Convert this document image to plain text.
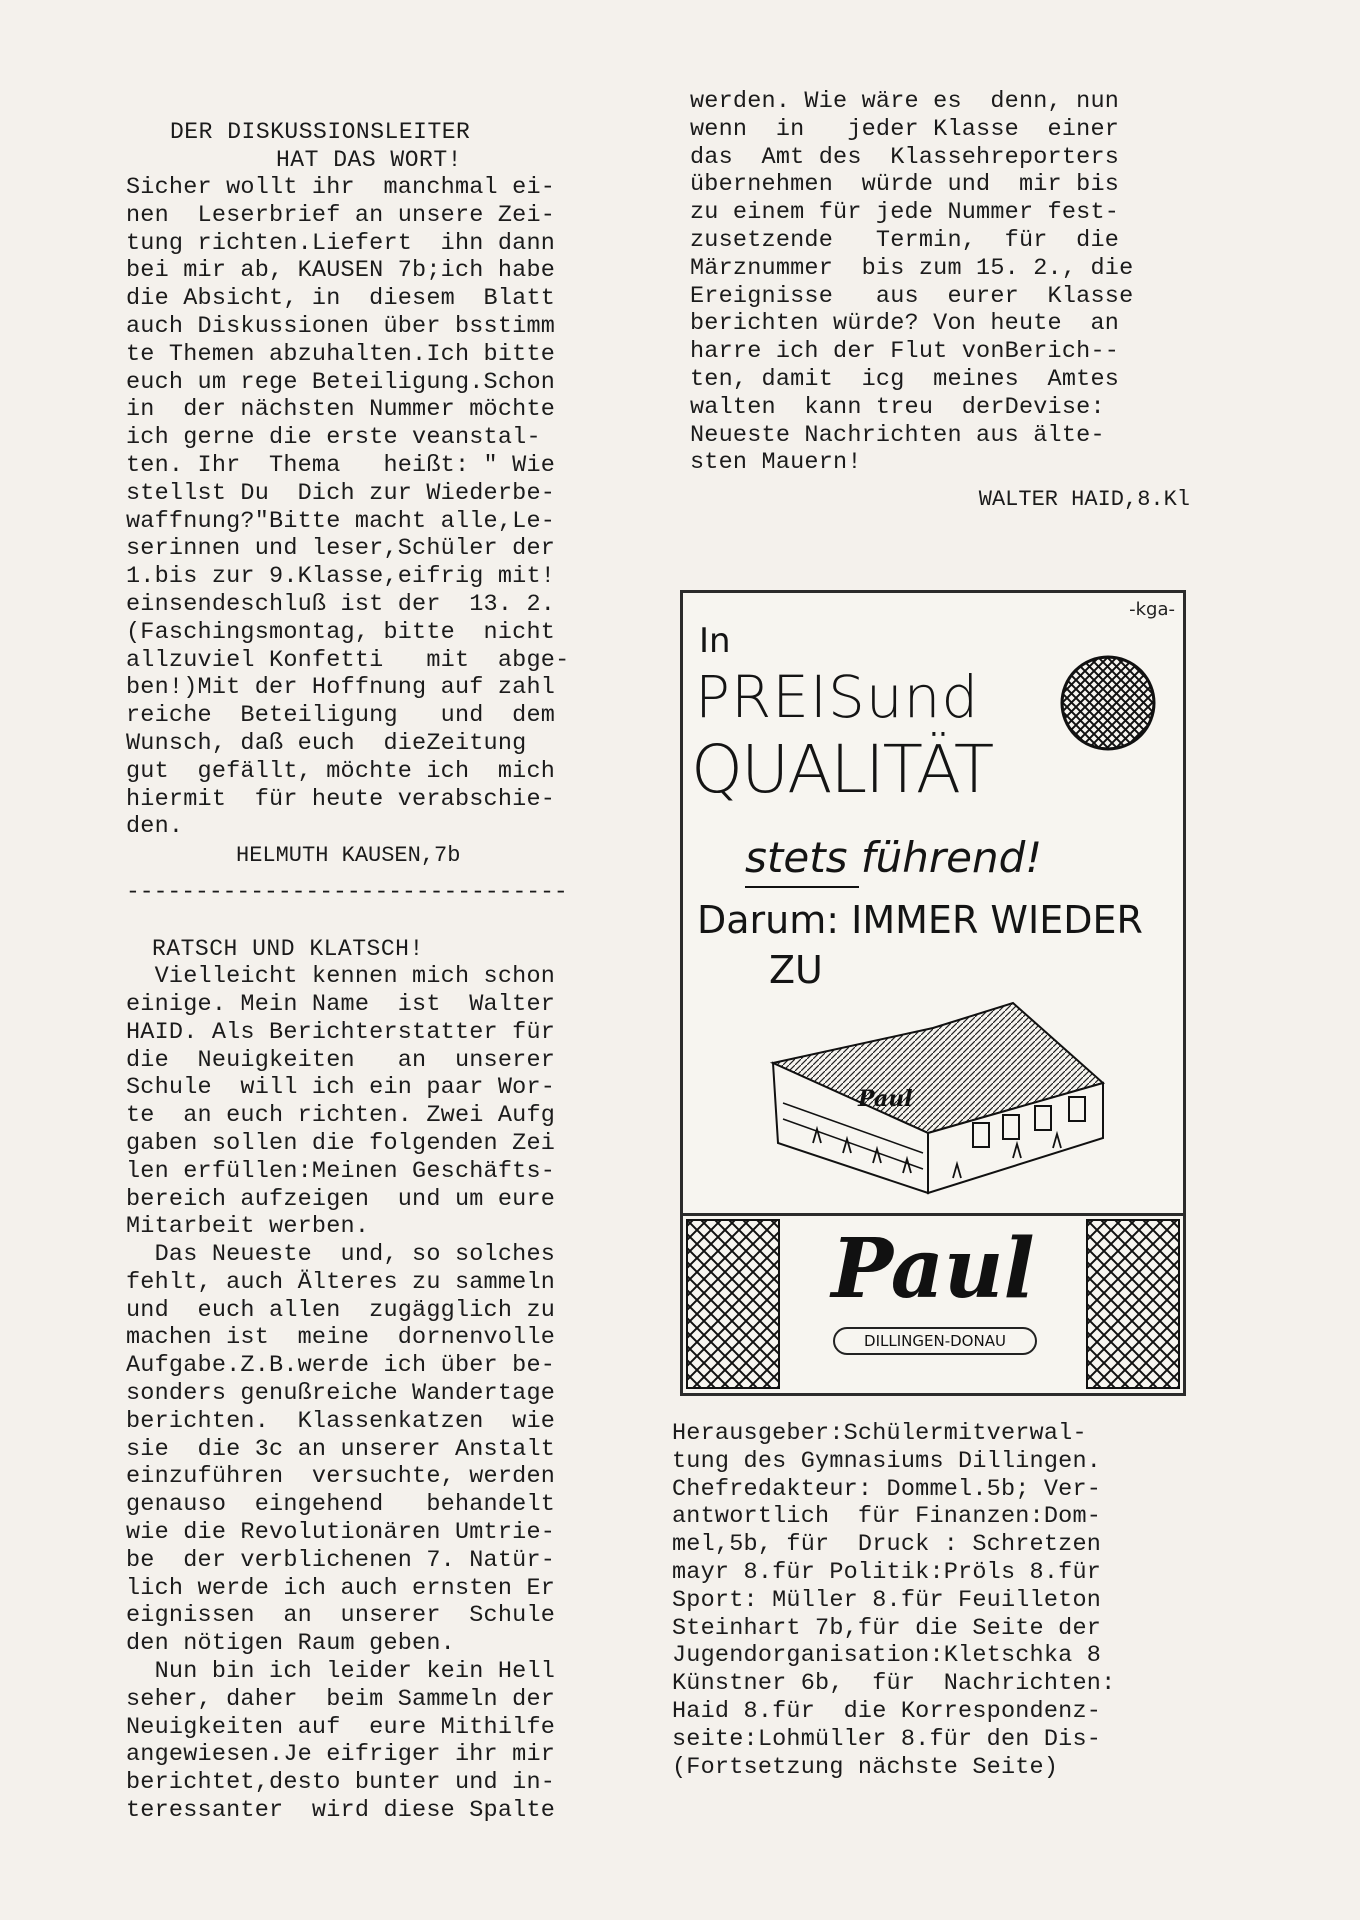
DER DISKUSSIONSLEITER

HAT DAS WORT!

Sicher wollt ihr  manchmal ei-

nen  Leserbrief an unsere Zei-

tung richten.Liefert  ihn dann

bei mir ab, KAUSEN 7b;ich habe

die Absicht, in  diesem  Blatt

auch Diskussionen über bsstimm

te Themen abzuhalten.Ich bitte

euch um rege Beteiligung.Schon

in  der nächsten Nummer möchte

ich gerne die erste veanstal-

ten. Ihr  Thema   heißt: " Wie

stellst Du  Dich zur Wiederbe-

waffnung?"Bitte macht alle,Le-

serinnen und leser,Schüler der

1.bis zur 9.Klasse,eifrig mit!

einsendeschluß ist der  13. 2.

(Faschingsmontag, bitte  nicht

allzuviel Konfetti   mit  abge-

ben!)Mit der Hoffnung auf zahl

reiche  Beteiligung   und  dem

Wunsch, daß euch  dieZeitung

gut  gefällt, möchte ich  mich

hiermit  für heute verabschie-

den.

HELMUTH KAUSEN,7b

--------------------------------

RATSCH UND KLATSCH!

Vielleicht kennen mich schon

einige. Mein Name  ist  Walter

HAID. Als Berichterstatter für

die  Neuigkeiten   an  unserer

Schule  will ich ein paar Wor-

te  an euch richten. Zwei Aufg

gaben sollen die folgenden Zei

len erfüllen:Meinen Geschäfts-

bereich aufzeigen  und um eure

Mitarbeit werben.

Das Neueste  und, so solches

fehlt, auch Älteres zu sammeln

und  euch allen  zugägglich zu

machen ist  meine  dornenvolle

Aufgabe.Z.B.werde ich über be-

sonders genußreiche Wandertage

berichten.  Klassenkatzen  wie

sie  die 3c an unserer Anstalt

einzuführen  versuchte, werden

genauso  eingehend   behandelt

wie die Revolutionären Umtrie-

be  der verblichenen 7. Natür-

lich werde ich auch ernsten Er

eignissen  an  unserer  Schule

den nötigen Raum geben.

Nun bin ich leider kein Hell

seher, daher  beim Sammeln der

Neuigkeiten auf  eure Mithilfe

angewiesen.Je eifriger ihr mir

berichtet,desto bunter und in-

teressanter  wird diese Spalte

werden. Wie wäre es  denn, nun

wenn  in   jeder Klasse  einer

das  Amt des  Klassehreporters

übernehmen  würde und  mir bis

zu einem für jede Nummer fest-

zusetzende   Termin,  für  die

Märznummer  bis zum 15. 2., die

Ereignisse   aus  eurer  Klasse

berichten würde? Von heute  an

harre ich der Flut vonBerich--

ten, damit  icg  meines  Amtes

walten  kann treu  derDevise:

Neueste Nachrichten aus älte-

sten Mauern!

WALTER HAID,8.Kl

-kga-
In
PREISund
QUALITÄT
stets führend!
Darum: IMMER WIEDER
ZU
Paul
Paul
DILLINGEN-DONAU

Herausgeber:Schülermitverwal-

tung des Gymnasiums Dillingen.

Chefredakteur: Dommel.5b; Ver-

antwortlich  für Finanzen:Dom-

mel,5b, für  Druck : Schretzen

mayr 8.für Politik:Pröls 8.für

Sport: Müller 8.für Feuilleton

Steinhart 7b,für die Seite der

Jugendorganisation:Kletschka 8

Künstner 6b,  für  Nachrichten:

Haid 8.für  die Korrespondenz-

seite:Lohmüller 8.für den Dis-

(Fortsetzung nächste Seite)
